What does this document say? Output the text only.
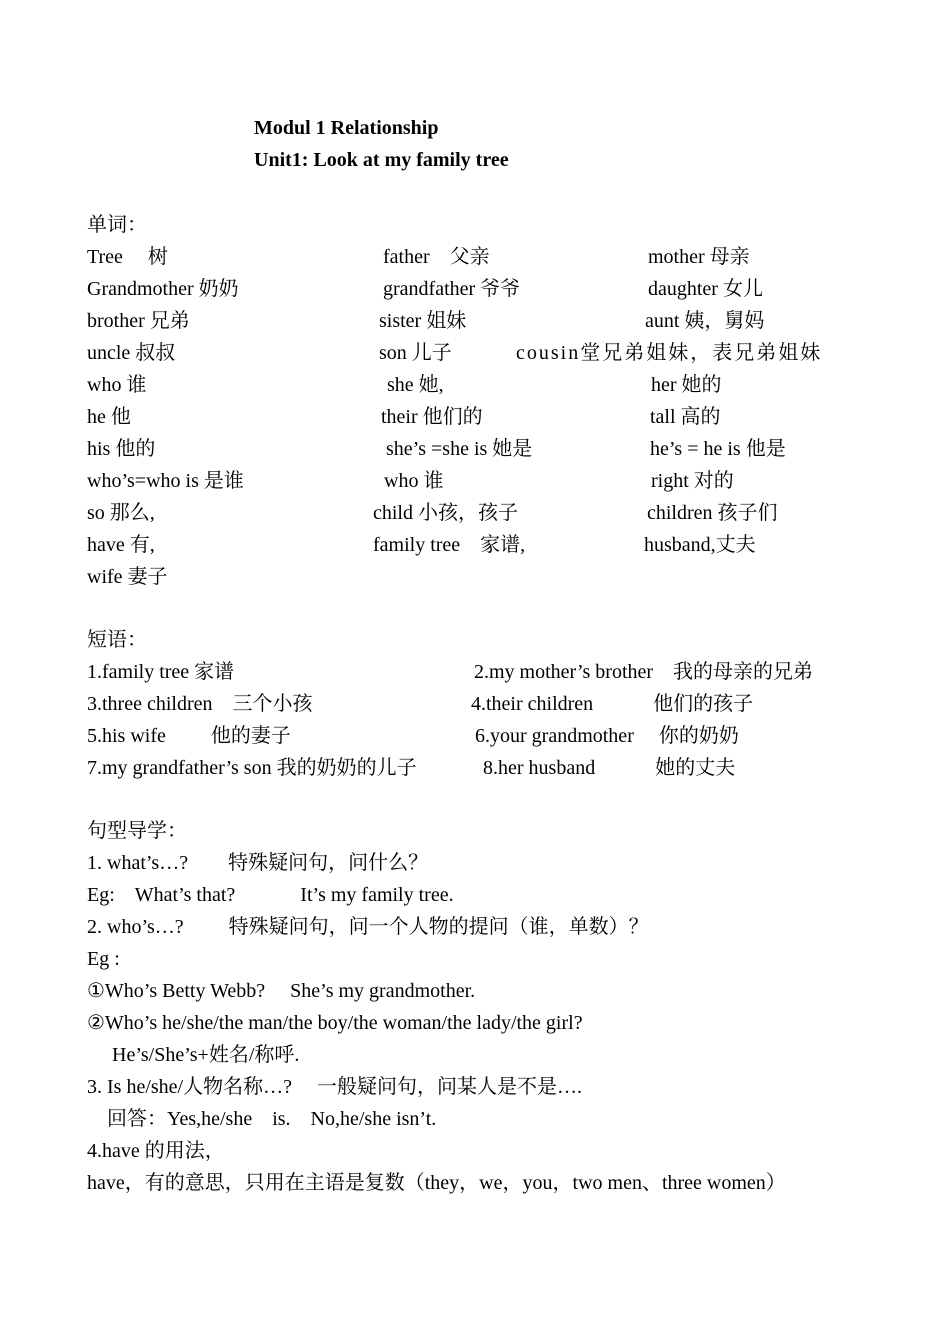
Modul 1 Relationship
Unit1: Look at my family tree
单词：
Tree　 树	father　父亲	mother 母亲
Grandmother 奶奶	grandfather 爷爷	daughter 女儿
brother 兄弟	sister 姐妹	aunt 姨，舅妈
uncle 叔叔	son 儿子	cousin堂兄弟姐妹，表兄弟姐妹
who 谁	she 她,	her 她的
he 他	their 他们的	tall 高的
his 他的	she’s =she is 她是	he’s = he is 他是
who’s=who is 是谁	who 谁	right 对的
so 那么,	child 小孩，孩子	children 孩子们
have 有,	family tree　家谱,	husband,丈夫
wife 妻子
短语：
1.family tree 家谱	2.my mother’s brother　我的母亲的兄弟
3.three children　三个小孩	4.their children　　　他们的孩子
5.his wife　　 他的妻子	6.your grandmother　 你的奶奶
7.my grandfather’s son 我的奶奶的儿子	8.her husband　　　她的丈夫
句型导学：
1. what’s…?　　特殊疑问句，问什么？
Eg:　What’s that?　　　 It’s my family tree.
2. who’s…?　　 特殊疑问句，问一个人物的提问（谁，单数）？
Eg :
①Who’s Betty Webb?　 She’s my grandmother.
②Who’s he/she/the man/the boy/the woman/the lady/the girl?
　 He’s/She’s+姓名/称呼.
3. Is he/she/人物名称…?　 一般疑问句，问某人是不是….
　回答：Yes,he/she　is.　No,he/she isn’t.
4.have 的用法，
have，有的意思，只用在主语是复数（they，we，you，two men、three women）
